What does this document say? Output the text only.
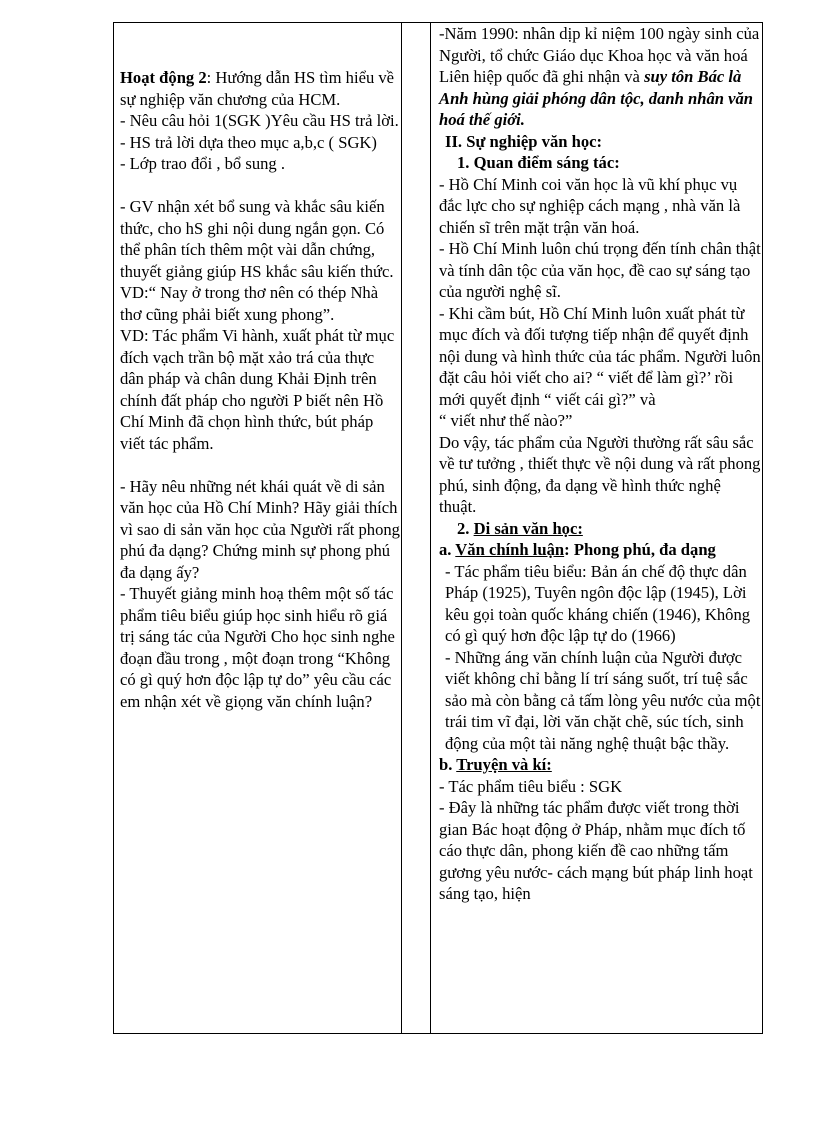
Hoạt động 2: Hướng dẫn HS tìm hiểu về sự nghiệp văn chương của HCM.

- Nêu câu hỏi 1(SGK )Yêu cầu HS trả lời.

- HS trả lời dựa theo mục a,b,c ( SGK)

- Lớp trao đổi , bổ sung .

- GV nhận xét bổ sung và khắc sâu kiến thức, cho hS ghi nội dung ngắn gọn. Có thể phân tích thêm một vài dẫn chứng, thuyết giảng giúp HS khắc sâu kiến thức.

VD:“ Nay ở trong thơ nên có thép Nhà thơ cũng phải biết xung phong”.

VD: Tác phẩm Vi hành, xuất phát từ mục đích vạch trần bộ mặt xảo trá của thực dân pháp và chân dung Khải Định trên chính đất pháp cho người P biết nên Hồ Chí Minh đã chọn hình thức, bút pháp viết tác phẩm.

- Hãy nêu những nét khái quát về di sản văn học của Hồ Chí Minh? Hãy giải thích vì sao di sản văn học của Người rất phong phú đa dạng? Chứng minh sự phong phú đa dạng ấy?

- Thuyết giảng minh hoạ thêm một số tác phẩm tiêu biểu giúp học sinh hiểu rõ giá trị sáng tác của Người Cho học sinh nghe đoạn đầu trong , một đoạn trong “Không có gì quý hơn độc lập tự do” yêu cầu các em nhận xét về giọng văn chính luận?

-Năm 1990: nhân dịp kỉ niệm 100 ngày sinh của Người, tổ chức Giáo dục Khoa học và văn hoá Liên hiệp quốc đã ghi nhận và suy tôn Bác là Anh hùng giải phóng dân tộc, danh nhân văn hoá thế giới.

II. Sự nghiệp văn học:

1. Quan điểm sáng tác:

- Hồ Chí Minh coi văn học là vũ khí phục vụ đắc lực cho sự nghiệp cách mạng , nhà văn là chiến sĩ trên mặt trận văn hoá.

- Hồ Chí Minh luôn chú trọng đến tính chân thật và tính dân tộc của văn học, đề cao sự sáng tạo của người nghệ sĩ.

- Khi cầm bút, Hồ Chí Minh luôn xuất phát từ mục đích và đối tượng tiếp nhận để quyết định nội dung và hình thức của tác phẩm. Người luôn đặt câu hỏi viết cho ai? “ viết để làm gì?’ rồi mới quyết định “ viết cái gì?” và

“ viết như thế nào?”

Do vậy, tác phẩm của Người thường rất sâu sắc về tư tưởng , thiết thực về nội dung và rất phong phú, sinh động, đa dạng về hình thức nghệ thuật.

2. Di sản văn học:

a. Văn chính luận: Phong phú, đa dạng

- Tác phẩm tiêu biểu: Bản án chế độ thực dân Pháp (1925), Tuyên ngôn độc lập (1945), Lời kêu gọi toàn quốc kháng chiến (1946), Không có gì quý hơn độc lập tự do (1966)

- Những áng văn chính luận của Người được viết không chỉ bằng lí trí sáng suốt, trí tuệ sắc sảo mà còn bằng cả tấm lòng yêu nước của một trái tim vĩ đại, lời văn chặt chẽ, súc tích, sinh động của một tài năng nghệ thuật bậc thầy.

b. Truyện và kí:

- Tác phẩm tiêu biểu : SGK

- Đây là những tác phẩm được viết trong thời gian Bác hoạt động ở Pháp, nhằm mục đích tố cáo thực dân, phong kiến đề cao những tấm gương yêu nước- cách mạng bút pháp linh hoạt sáng tạo, hiện
